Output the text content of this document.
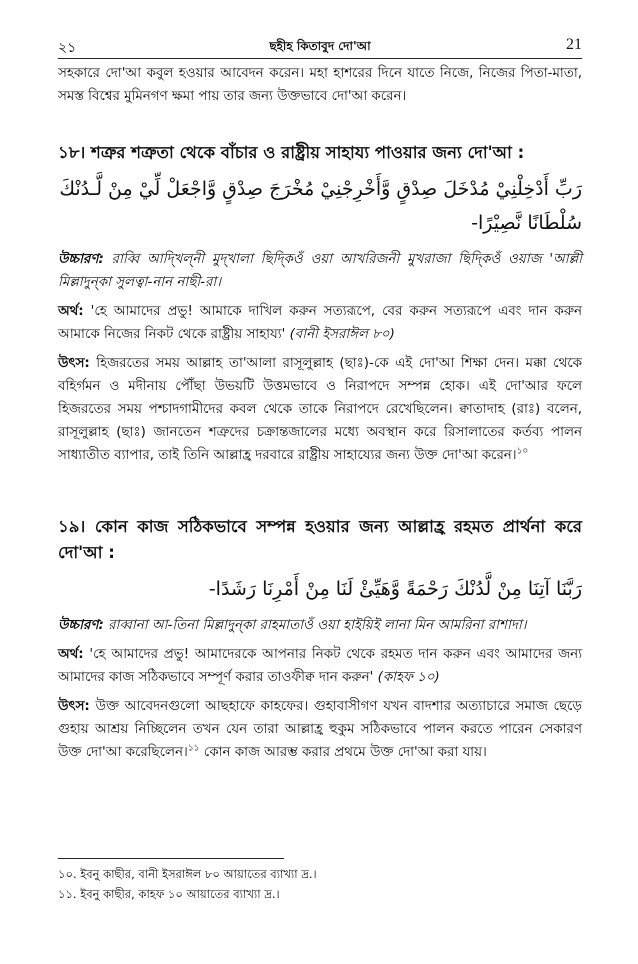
২১	ছহীহ কিতাবুদ দো'আ	21

সহকারে দো'আ কবুল হওয়ার আবেদন করেন। মহা হাশরের দিনে যাতে নিজে, নিজের পিতা-মাতা, সমস্ত বিশ্বের মুমিনগণ ক্ষমা পায় তার জন্য উক্তভাবে দো'আ করেন।

১৮। শত্রুর শত্রুতা থেকে বাঁচার ও রাষ্ট্রীয় সাহায্য পাওয়ার জন্য দো'আ :

رَبِّ أَدْخِلْنِيْ مُدْخَلَ صِدْقٍ وَّأَخْرِجْنِيْ مُخْرَجَ صِدْقٍ وَّاجْعَلْ لِّيْ مِنْ لَّـدُنْكَ سُلْطَانًا نَّصِيْرًا-

উচ্চারণ: রাব্বি আদ্খিল্নী মুদ্খালা ছিদ্কিওঁ ওয়া আখরিজনী মুখরাজা ছিদ্কিওঁ ওয়াজ 'আল্লী মিল্লাদুন্কা সুলত্বা-নান নাছী-রা।

অর্থ: 'হে আমাদের প্রভু! আমাকে দাখিল করুন সত্যরূপে, বের করুন সত্যরূপে এবং দান করুন আমাকে নিজের নিকট থেকে রাষ্ট্রীয় সাহায্য' (বানী ইসরাঈল ৮০)

উৎস: হিজরতের সময় আল্লাহ তা'আলা রাসূলুল্লাহ (ছাঃ)-কে এই দো'আ শিক্ষা দেন। মক্কা থেকে বহির্গমন ও মদীনায় পৌঁছা উভয়টি উত্তমভাবে ও নিরাপদে সম্পন্ন হোক। এই দো'আর ফলে হিজরতের সময় পশ্চাদগামীদের কবল থেকে তাকে নিরাপদে রেখেছিলেন। ক্বাতাদাহ (রাঃ) বলেন, রাসূলুল্লাহ (ছাঃ) জানতেন শত্রুদের চক্রান্তজালের মধ্যে অবস্থান করে রিসালাতের কর্তব্য পালন সাধ্যাতীত ব্যাপার, তাই তিনি আল্লাহ্র দরবারে রাষ্ট্রীয় সাহায্যের জন্য উক্ত দো'আ করেন।$^{১০}$

১৯। কোন কাজ সঠিকভাবে সম্পন্ন হওয়ার জন্য আল্লাহ্র রহমত প্রার্থনা করে দো'আ :

رَبَّنَا آتِنَا مِنْ لَّدُنْكَ رَحْمَةً وَّهَيِّئْ لَنَا مِنْ أَمْرِنَا رَشَدًا-

উচ্চারণ: রাব্বানা আ-তিনা মিল্লাদুন্কা রাহমাতাওঁ ওয়া হাইয়িই লানা মিন আমরিনা রাশাদা।

অর্থ: 'হে আমাদের প্রভু! আমাদেরকে আপনার নিকট থেকে রহমত দান করুন এবং আমাদের জন্য আমাদের কাজ সঠিকভাবে সম্পূর্ণ করার তাওফীক্ব দান করুন' (কাহফ ১০)

উৎস: উক্ত আবেদনগুলো আছহাফে কাহফের। গুহাবাসীগণ যখন বাদশার অত্যাচারে সমাজ ছেড়ে গুহায় আশ্রয় নিচ্ছিলেন তখন যেন তারা আল্লাহ্র হুকুম সঠিকভাবে পালন করতে পারেন সেকারণ উক্ত দো'আ করেছিলেন।$^{১১}$ কোন কাজ আরম্ভ করার প্রথমে উক্ত দো'আ করা যায়।

১০. ইবনু কাছীর, বানী ইসরাঈল ৮০ আয়াতের ব্যাখ্যা দ্র.।

১১. ইবনু কাছীর, কাহফ ১০ আয়াতের ব্যাখ্যা দ্র.।
